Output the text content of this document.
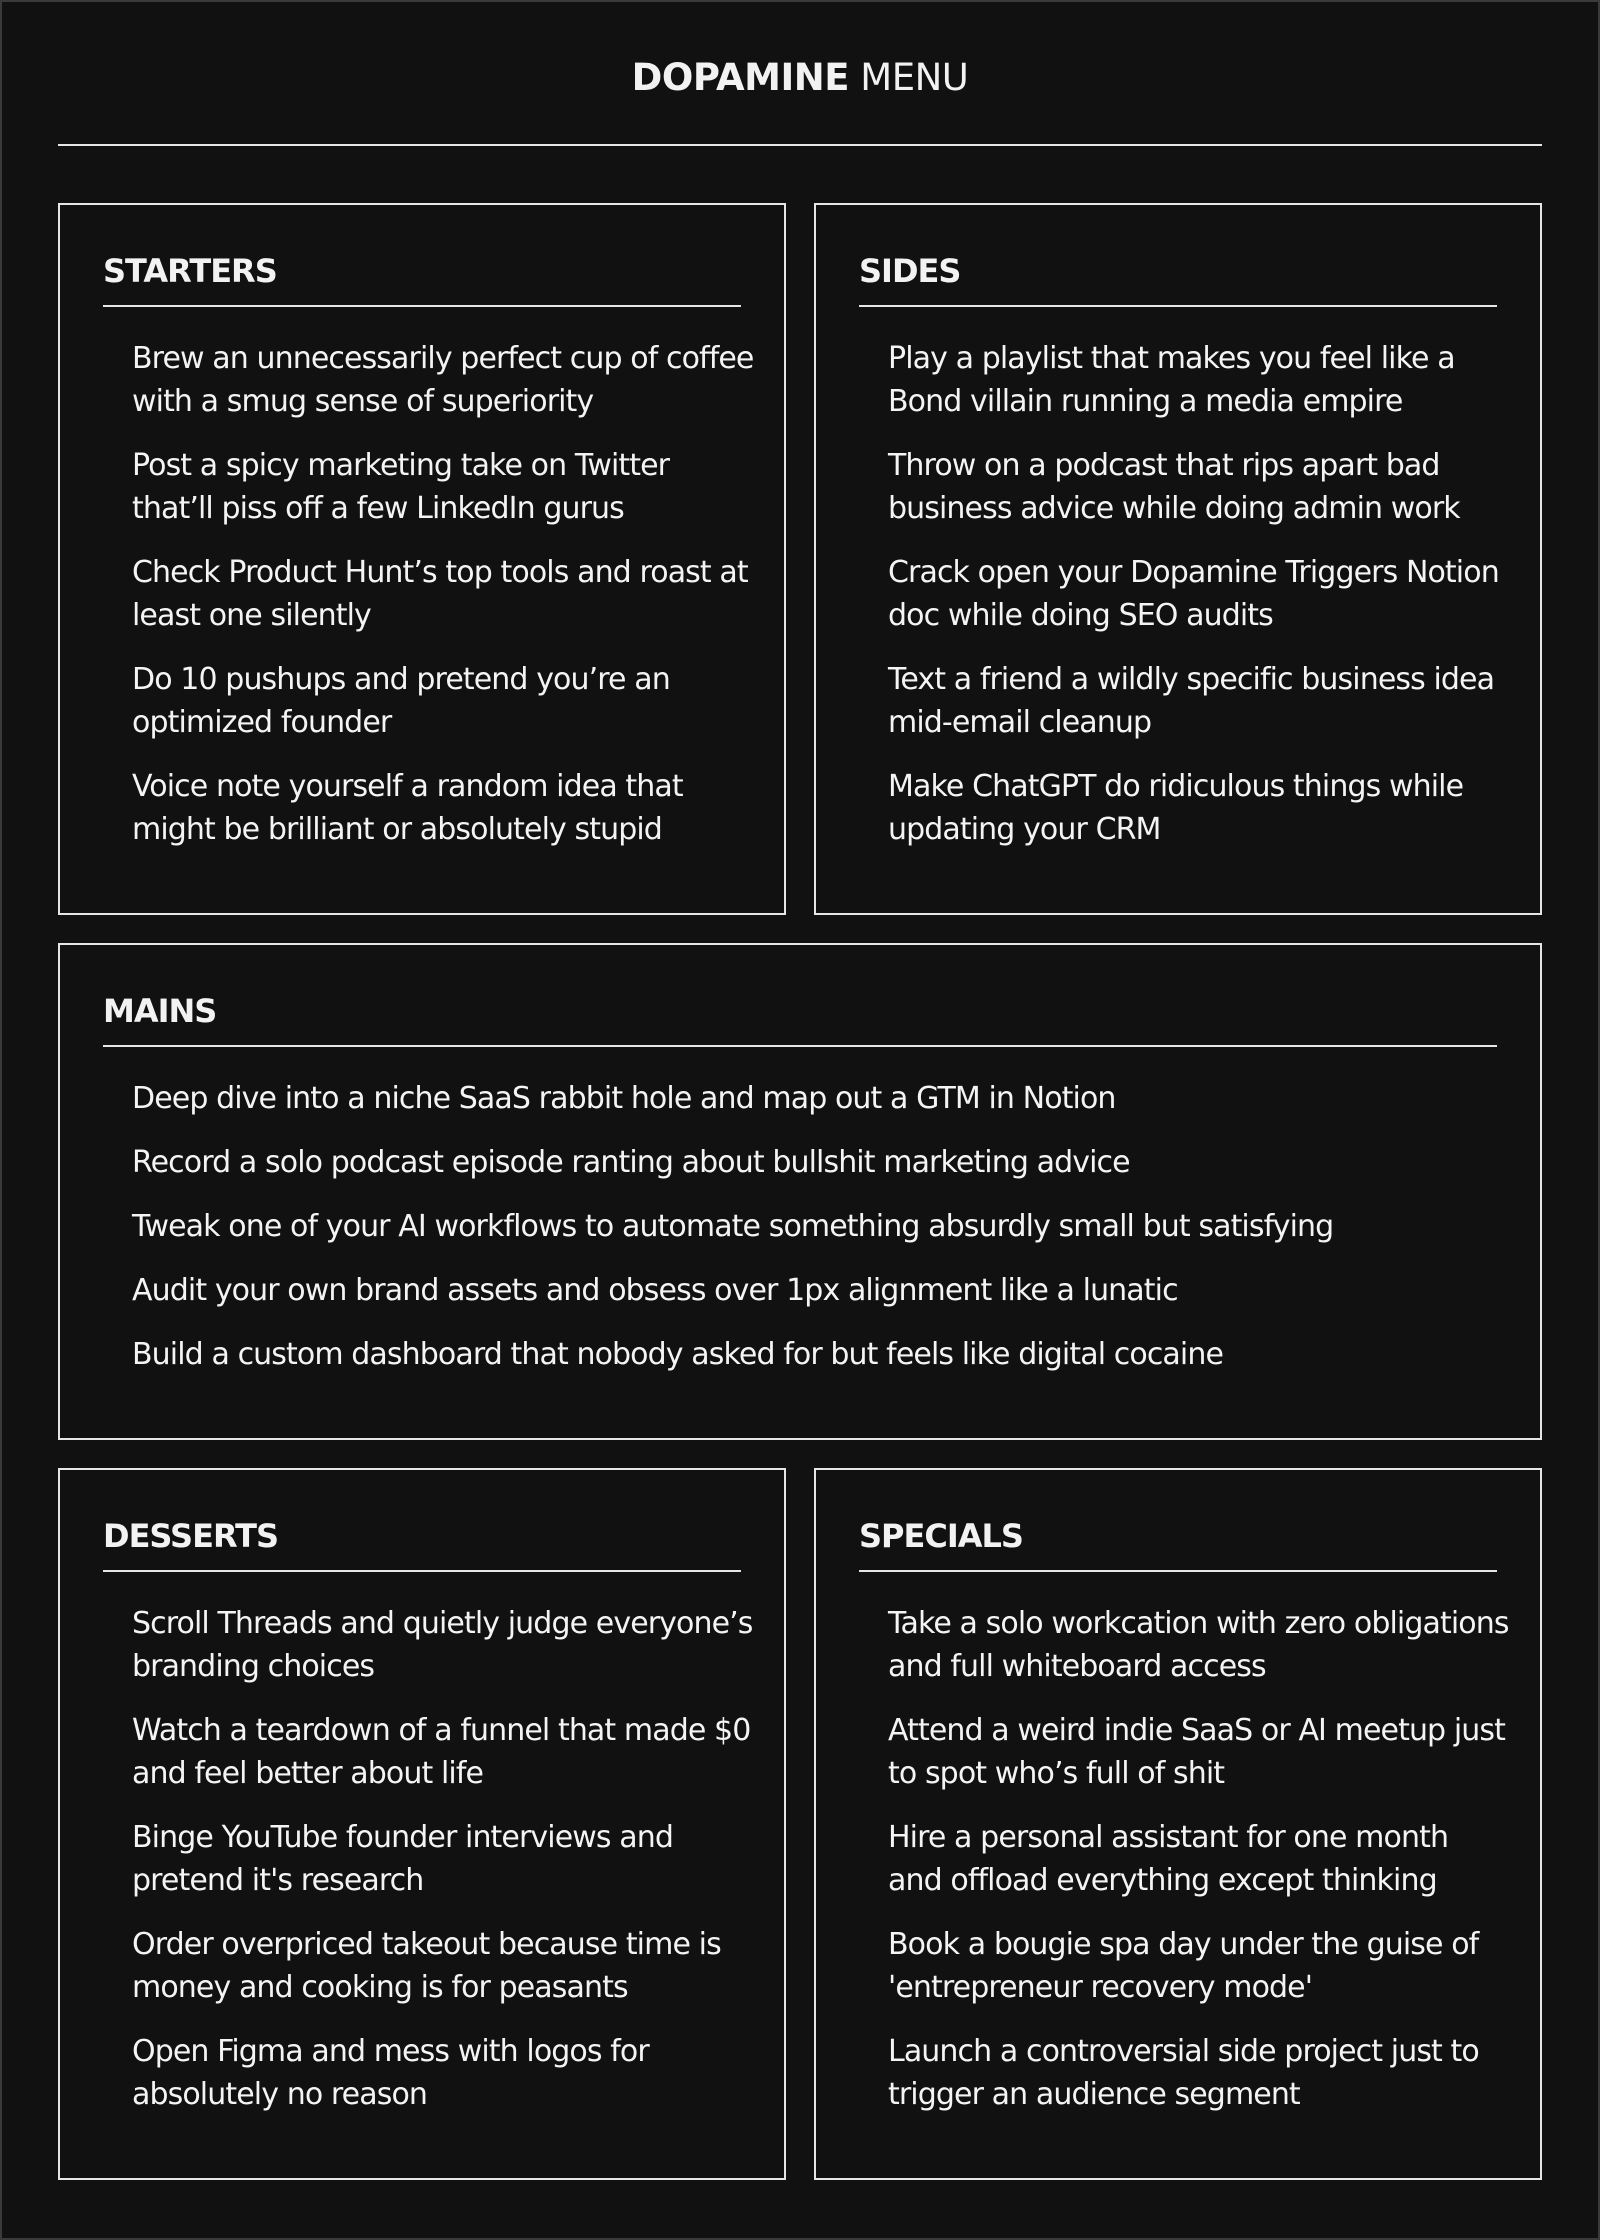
DOPAMINE MENU
STARTERS
Brew an unnecessarily perfect cup of coffee with a smug sense of superiority
Post a spicy marketing take on Twitter that’ll piss off a few LinkedIn gurus
Check Product Hunt’s top tools and roast at least one silently
Do 10 pushups and pretend you’re an optimized founder
Voice note yourself a random idea that might be brilliant or absolutely stupid
SIDES
Play a playlist that makes you feel like a Bond villain running a media empire
Throw on a podcast that rips apart bad business advice while doing admin work
Crack open your Dopamine Triggers Notion doc while doing SEO audits
Text a friend a wildly specific business idea mid-email cleanup
Make ChatGPT do ridiculous things while updating your CRM
MAINS
Deep dive into a niche SaaS rabbit hole and map out a GTM in Notion
Record a solo podcast episode ranting about bullshit marketing advice
Tweak one of your AI workflows to automate something absurdly small but satisfying
Audit your own brand assets and obsess over 1px alignment like a lunatic
Build a custom dashboard that nobody asked for but feels like digital cocaine
DESSERTS
Scroll Threads and quietly judge everyone’s branding choices
Watch a teardown of a funnel that made $0 and feel better about life
Binge YouTube founder interviews and pretend it's research
Order overpriced takeout because time is money and cooking is for peasants
Open Figma and mess with logos for absolutely no reason
SPECIALS
Take a solo workcation with zero obligations and full whiteboard access
Attend a weird indie SaaS or AI meetup just to spot who’s full of shit
Hire a personal assistant for one month and offload everything except thinking
Book a bougie spa day under the guise of 'entrepreneur recovery mode'
Launch a controversial side project just to trigger an audience segment
